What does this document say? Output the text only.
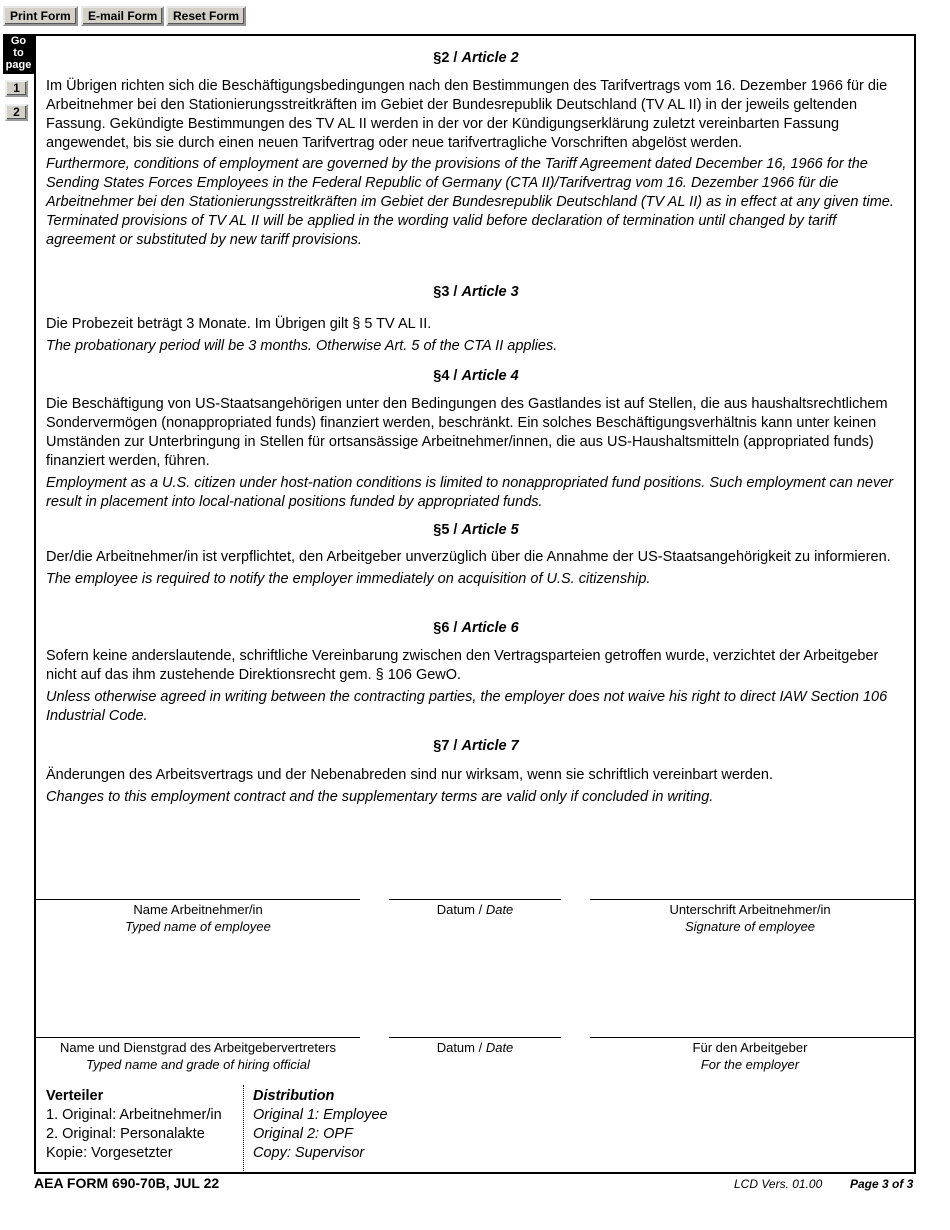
Print Form	E-mail Form	Reset Form
Go
to
page
1
2
§2 / Article 2

Im Übrigen richten sich die Beschäftigungsbedingungen nach den Bestimmungen des Tarifvertrags vom 16. Dezember 1966 für die Arbeitnehmer bei den Stationierungsstreitkräften im Gebiet der Bundesrepublik Deutschland (TV AL II) in der jeweils geltenden Fassung. Gekündigte Bestimmungen des TV AL II werden in der vor der Kündigungserklärung zuletzt vereinbarten Fassung angewendet, bis sie durch einen neuen Tarifvertrag oder neue tarifvertragliche Vorschriften abgelöst werden.

Furthermore, conditions of employment are governed by the provisions of the Tariff Agreement dated December 16, 1966 for the Sending States Forces Employees in the Federal Republic of Germany (CTA II)/Tarifvertrag vom 16. Dezember 1966 für die Arbeitnehmer bei den Stationierungsstreitkräften im Gebiet der Bundesrepublik Deutschland (TV AL II) as in effect at any given time. Terminated provisions of TV AL II will be applied in the wording valid before declaration of termination until changed by tariff agreement or substituted by new tariff provisions.

§3 / Article 3

Die Probezeit beträgt 3 Monate. Im Übrigen gilt § 5 TV AL II.

The probationary period will be 3 months. Otherwise Art. 5 of the CTA II applies.

§4 / Article 4

Die Beschäftigung von US-Staatsangehörigen unter den Bedingungen des Gastlandes ist auf Stellen, die aus haushaltsrechtlichem Sondervermögen (nonappropriated funds) finanziert werden, beschränkt. Ein solches Beschäftigungsverhältnis kann unter keinen Umständen zur Unterbringung in Stellen für ortsansässige Arbeitnehmer/innen, die aus US-Haushaltsmitteln (appropriated funds) finanziert werden, führen.

Employment as a U.S. citizen under host-nation conditions is limited to nonappropriated fund positions. Such employment can never result in placement into local-national positions funded by appropriated funds.

§5 / Article 5

Der/die Arbeitnehmer/in ist verpflichtet, den Arbeitgeber unverzüglich über die Annahme der US-Staatsangehörigkeit zu informieren.

The employee is required to notify the employer immediately on acquisition of U.S. citizenship.

§6 / Article 6

Sofern keine anderslautende, schriftliche Vereinbarung zwischen den Vertragsparteien getroffen wurde, verzichtet der Arbeitgeber nicht auf das ihm zustehende Direktionsrecht gem. § 106 GewO.

Unless otherwise agreed in writing between the contracting parties, the employer does not waive his right to direct IAW Section 106 Industrial Code.

§7 / Article 7

Änderungen des Arbeitsvertrags und der Nebenabreden sind nur wirksam, wenn sie schriftlich vereinbart werden.

Changes to this employment contract and the supplementary terms are valid only if concluded in writing.

Name Arbeitnehmer/in
Typed name of employee
Datum / Date	Unterschrift Arbeitnehmer/in
Signature of employee
Name und Dienstgrad des Arbeitgebervertreters
Typed name and grade of hiring official
Datum / Date	Für den Arbeitgeber
For the employer
Verteiler
1. Original: Arbeitnehmer/in
2. Original: Personalakte
Kopie: Vorgesetzter
Distribution
Original 1: Employee
Original 2: OPF
Copy: Supervisor
AEA FORM 690-70B, JUL 22	LCD Vers. 01.00 Page 3 of 3
